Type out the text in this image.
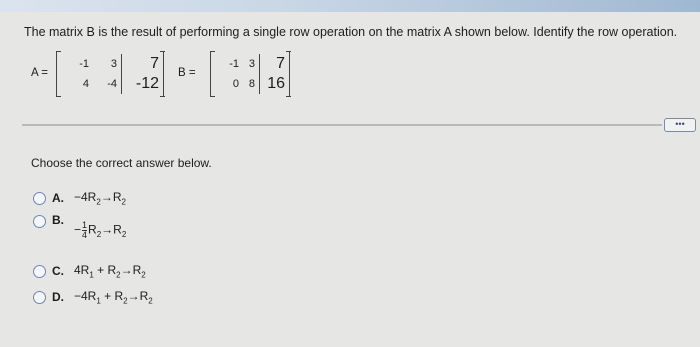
The matrix B is the result of performing a single row operation on the matrix A shown below. Identify the row operation.
A =
-1	3	7
4	-4	-12
B =
-1 3	7
0 8 16
•••
Choose the correct answer below.
A. $-4R_2\to R_2$
B.
− $\frac{1}{4} R_2\to R_2$
C. $4R_1 + R_2\to R_2$
D. $-4R_1 + R_2\to R_2$
